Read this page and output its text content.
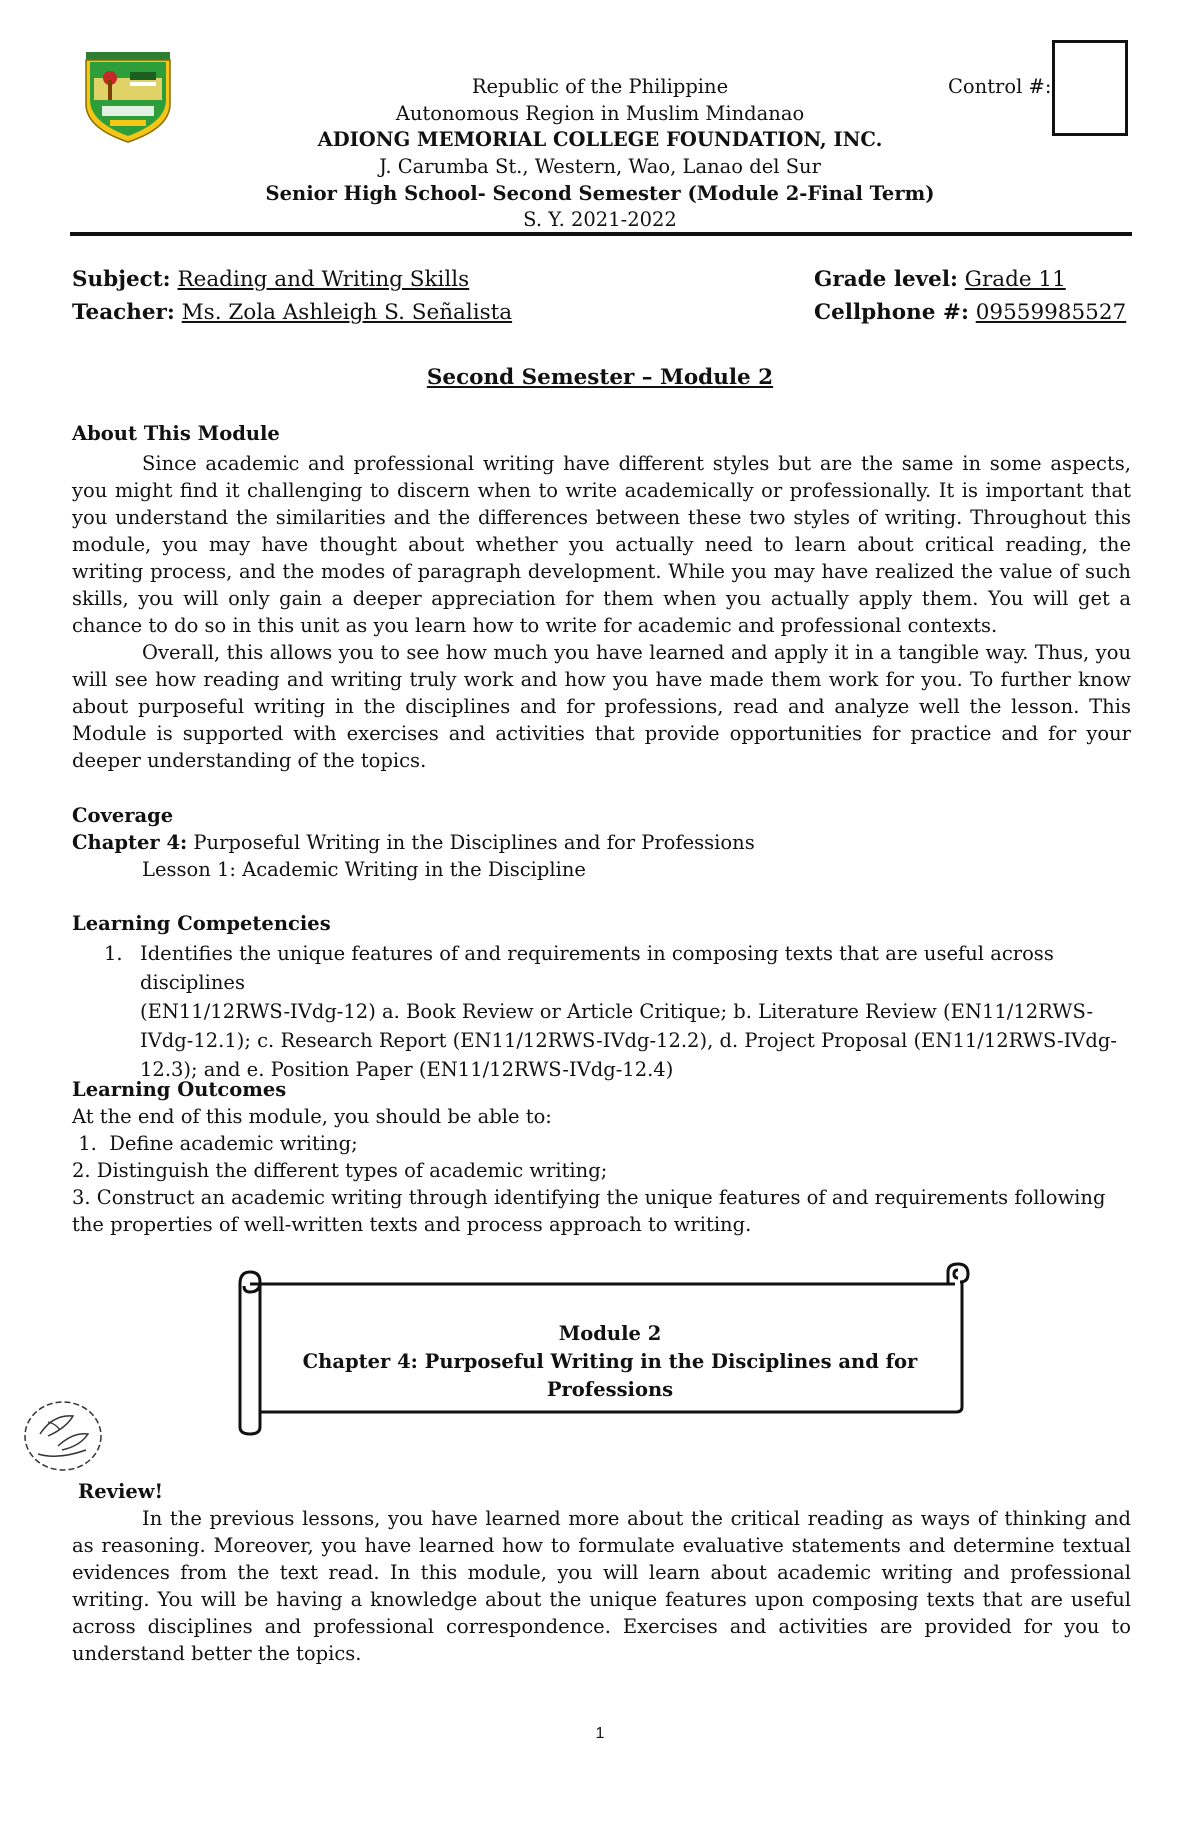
Republic of the Philippine
Autonomous Region in Muslim Mindanao
ADIONG MEMORIAL COLLEGE FOUNDATION, INC.
J. Carumba St., Western, Wao, Lanao del Sur
Senior High School- Second Semester (Module 2-Final Term)
S. Y. 2021-2022
Control #:
Subject: Reading and Writing Skills
Teacher: Ms. Zola Ashleigh S. Señalista
Grade level: Grade 11
Cellphone #: 09559985527
Second Semester – Module 2
About This Module

Since academic and professional writing have different styles but are the same in some aspects, you might find it challenging to discern when to write academically or professionally. It is important that you understand the similarities and the differences between these two styles of writing. Throughout this module, you may have thought about whether you actually need to learn about critical reading, the writing process, and the modes of paragraph development. While you may have realized the value of such skills, you will only gain a deeper appreciation for them when you actually apply them. You will get a chance to do so in this unit as you learn how to write for academic and professional contexts.

Overall, this allows you to see how much you have learned and apply it in a tangible way. Thus, you will see how reading and writing truly work and how you have made them work for you. To further know about purposeful writing in the disciplines and for professions, read and analyze well the lesson. This Module is supported with exercises and activities that provide opportunities for practice and for your deeper understanding of the topics.

Coverage
Chapter 4: Purposeful Writing in the Disciplines and for Professions
Lesson 1: Academic Writing in the Discipline
Learning Competencies
1. Identifies the unique features of and requirements in composing texts that are useful across disciplines
(EN11/12RWS-IVdg-12) a. Book Review or Article Critique; b. Literature Review (EN11/12RWS-
IVdg-12.1); c. Research Report (EN11/12RWS-IVdg-12.2), d. Project Proposal (EN11/12RWS-IVdg-
12.3); and e. Position Paper (EN11/12RWS-IVdg-12.4)
Learning Outcomes
At the end of this module, you should be able to:
1.  Define academic writing;
2. Distinguish the different types of academic writing;
3. Construct an academic writing through identifying the unique features of and requirements following the properties of well-written texts and process approach to writing.
Module 2
Chapter 4: Purposeful Writing in the Disciplines and for
Professions
Review!

In the previous lessons, you have learned more about the critical reading as ways of thinking and as reasoning. Moreover, you have learned how to formulate evaluative statements and determine textual evidences from the text read. In this module, you will learn about academic writing and professional writing. You will be having a knowledge about the unique features upon composing texts that are useful across disciplines and professional correspondence. Exercises and activities are provided for you to understand better the topics.

1
